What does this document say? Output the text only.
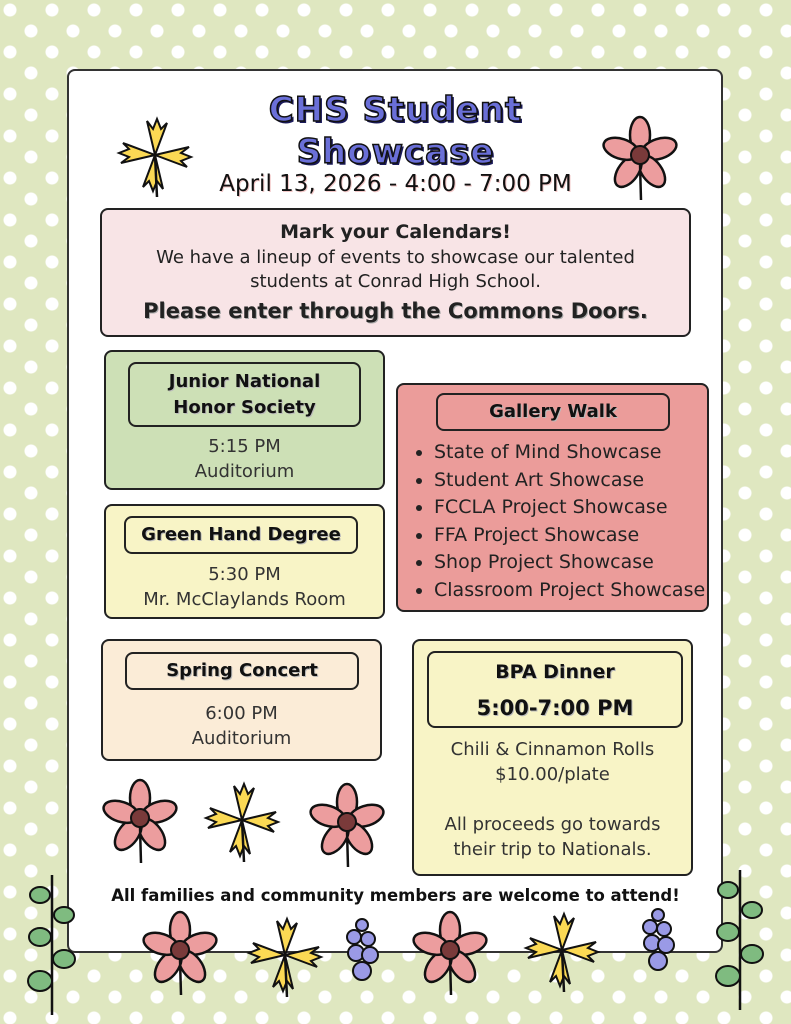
CHS Student
Showcase
April 13, 2026 - 4:00 - 7:00 PM
Mark your Calendars!
We have a lineup of events to showcase our talented
students at Conrad High School.
Please enter through the Commons Doors.
Junior National
Honor Society
5:15 PM
Auditorium
Green Hand Degree
5:30 PM
Mr. McClaylands Room
Gallery Walk
• State of Mind Showcase
• Student Art Showcase
• FCCLA Project Showcase
• FFA Project Showcase
• Shop Project Showcase
• Classroom Project Showcase
Spring Concert
6:00 PM
Auditorium
BPA Dinner
5:00-7:00 PM
Chili & Cinnamon Rolls
$10.00/plate
All proceeds go towards
their trip to Nationals.
All families and community members are welcome to attend!
